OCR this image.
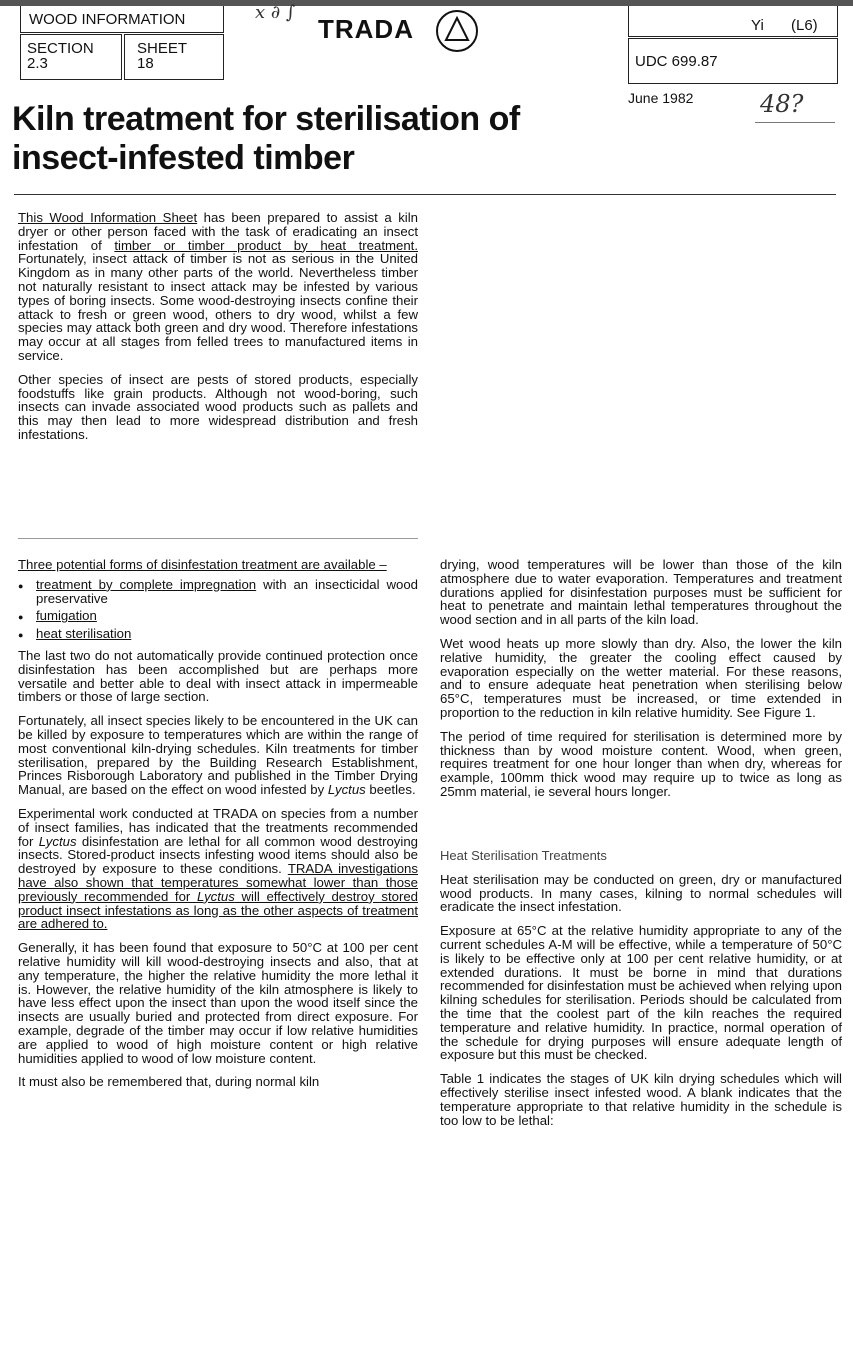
WOOD INFORMATION
SECTION
2.3
SHEET
18
TRADA
x ∂ ∫
Yi (L6)
UDC 699.87
June 1982	48?
Kiln treatment for sterilisation of insect-infested timber

This Wood Information Sheet has been prepared to assist a kiln dryer or other person faced with the task of eradicating an insect infestation of timber or timber product by heat treatment. Fortunately, insect attack of timber is not as serious in the United Kingdom as in many other parts of the world. Nevertheless timber not naturally resistant to insect attack may be infested by various types of boring insects. Some wood-destroying insects confine their attack to fresh or green wood, others to dry wood, whilst a few species may attack both green and dry wood. Therefore infestations may occur at all stages from felled trees to manufactured items in service.

Other species of insect are pests of stored products, especially foodstuffs like grain products. Although not wood-boring, such insects can invade associated wood products such as pallets and this may then lead to more widespread distribution and fresh infestations.

Three potential forms of disinfestation treatment are available –

● treatment by complete impregnation with an insecticidal wood preservative
● fumigation
● heat sterilisation

The last two do not automatically provide continued protection once disinfestation has been accomplished but are perhaps more versatile and better able to deal with insect attack in impermeable timbers or those of large section.

Fortunately, all insect species likely to be encountered in the UK can be killed by exposure to temperatures which are within the range of most conventional kiln-drying schedules. Kiln treatments for timber sterilisation, prepared by the Building Research Establishment, Princes Risborough Laboratory and published in the Timber Drying Manual, are based on the effect on wood infested by Lyctus beetles.

Experimental work conducted at TRADA on species from a number of insect families, has indicated that the treatments recommended for Lyctus disinfestation are lethal for all common wood destroying insects. Stored-product insects infesting wood items should also be destroyed by exposure to these conditions. TRADA investigations have also shown that temperatures somewhat lower than those previously recommended for Lyctus will effectively destroy stored product insect infestations as long as the other aspects of treatment are adhered to.

Generally, it has been found that exposure to 50°C at 100 per cent relative humidity will kill wood-destroying insects and also, that at any temperature, the higher the relative humidity the more lethal it is. However, the relative humidity of the kiln atmosphere is likely to have less effect upon the insect than upon the wood itself since the insects are usually buried and protected from direct exposure. For example, degrade of the timber may occur if low relative humidities are applied to wood of high moisture content or high relative humidities applied to wood of low moisture content.

It must also be remembered that, during normal kiln

drying, wood temperatures will be lower than those of the kiln atmosphere due to water evaporation. Temperatures and treatment durations applied for disinfestation purposes must be sufficient for heat to penetrate and maintain lethal temperatures throughout the wood section and in all parts of the kiln load.

Wet wood heats up more slowly than dry. Also, the lower the kiln relative humidity, the greater the cooling effect caused by evaporation especially on the wetter material. For these reasons, and to ensure adequate heat penetration when sterilising below 65°C, temperatures must be increased, or time extended in proportion to the reduction in kiln relative humidity. See Figure 1.

The period of time required for sterilisation is determined more by thickness than by wood moisture content. Wood, when green, requires treatment for one hour longer than when dry, whereas for example, 100mm thick wood may require up to twice as long as 25mm material, ie several hours longer.

Heat Sterilisation Treatments

Heat sterilisation may be conducted on green, dry or manufactured wood products. In many cases, kilning to normal schedules will eradicate the insect infestation.

Exposure at 65°C at the relative humidity appropriate to any of the current schedules A-M will be effective, while a temperature of 50°C is likely to be effective only at 100 per cent relative humidity, or at extended durations. It must be borne in mind that durations recommended for disinfestation must be achieved when relying upon kilning schedules for sterilisation. Periods should be calculated from the time that the coolest part of the kiln reaches the required temperature and relative humidity. In practice, normal operation of the schedule for drying purposes will ensure adequate length of exposure but this must be checked.

Table 1 indicates the stages of UK kiln drying schedules which will effectively sterilise insect infested wood. A blank indicates that the temperature appropriate to that relative humidity in the schedule is too low to be lethal:
